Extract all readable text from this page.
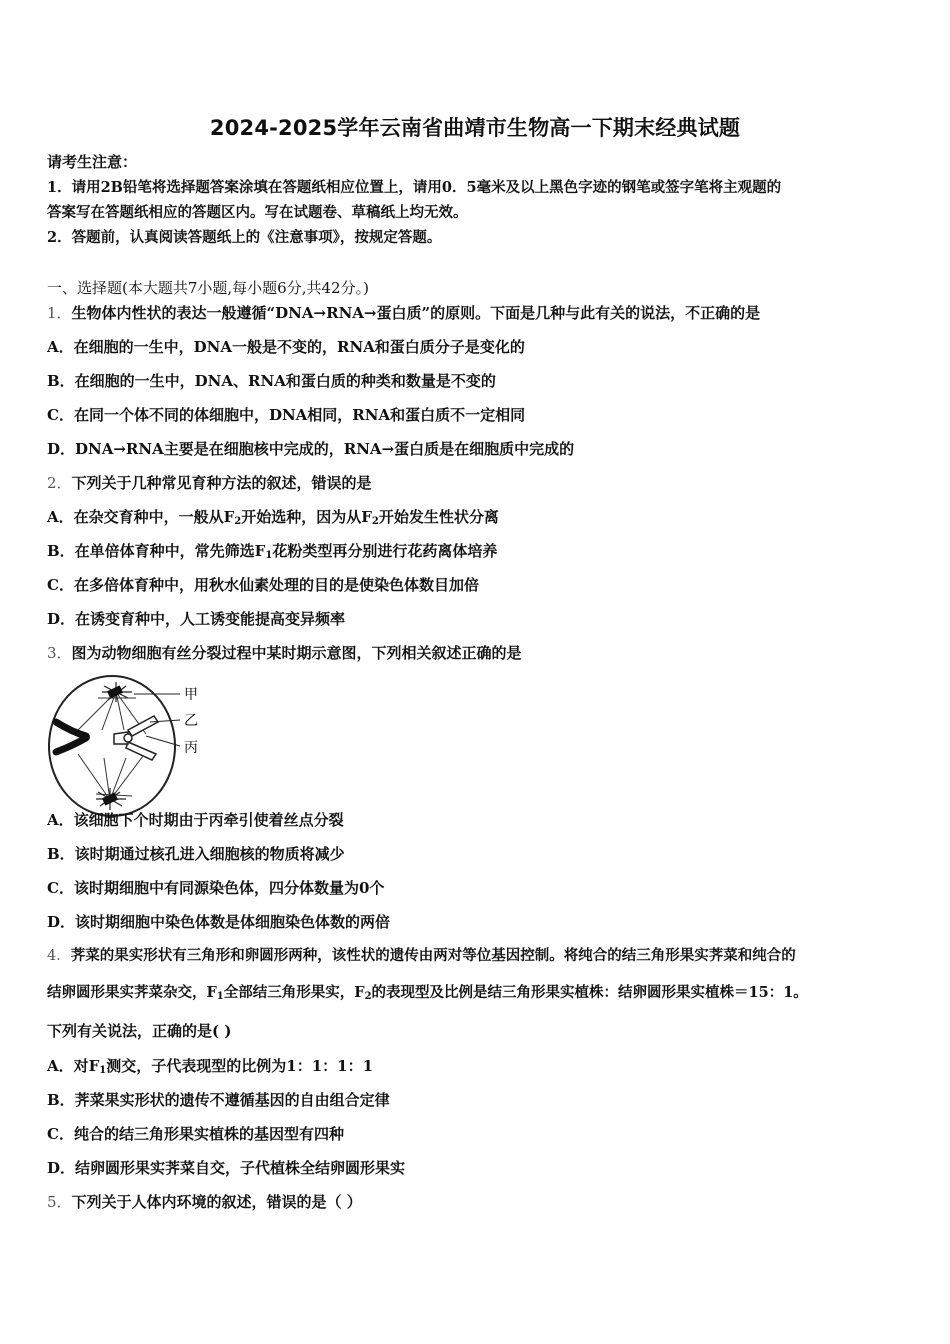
2024-2025学年云南省曲靖市生物高一下期末经典试题
请考生注意：
1．请用2B铅笔将选择题答案涂填在答题纸相应位置上，请用0．5毫米及以上黑色字迹的钢笔或签字笔将主观题的
答案写在答题纸相应的答题区内。写在试题卷、草稿纸上均无效。
2．答题前，认真阅读答题纸上的《注意事项》，按规定答题。
一、选择题(本大题共7小题,每小题6分,共42分。)
1．生物体内性状的表达一般遵循“DNA→RNA→蛋白质”的原则。下面是几种与此有关的说法，不正确的是
A．在细胞的一生中，DNA一般是不变的，RNA和蛋白质分子是变化的
B．在细胞的一生中，DNA、RNA和蛋白质的种类和数量是不变的
C．在同一个体不同的体细胞中，DNA相同，RNA和蛋白质不一定相同
D．DNA→RNA主要是在细胞核中完成的，RNA→蛋白质是在细胞质中完成的
2．下列关于几种常见育种方法的叙述，错误的是
A．在杂交育种中，一般从$F_2$开始选种，因为从$F_2$开始发生性状分离
B．在单倍体育种中，常先筛选$F_1$花粉类型再分别进行花药离体培养
C．在多倍体育种中，用秋水仙素处理的目的是使染色体数目加倍
D．在诱变育种中，人工诱变能提高变异频率
3．图为动物细胞有丝分裂过程中某时期示意图，下列相关叙述正确的是
甲
乙
丙
A．该细胞下个时期由于丙牵引使着丝点分裂
B．该时期通过核孔进入细胞核的物质将减少
C．该时期细胞中有同源染色体，四分体数量为0个
D．该时期细胞中染色体数是体细胞染色体数的两倍
4．荠菜的果实形状有三角形和卵圆形两种，该性状的遗传由两对等位基因控制。将纯合的结三角形果实荠菜和纯合的
结卵圆形果实荠菜杂交，$F_1$全部结三角形果实，$F_2$的表现型及比例是结三角形果实植株：结卵圆形果实植株＝15：1。
下列有关说法，正确的是( )
A．对$F_1$测交，子代表现型的比例为1：1：1：1
B．荠菜果实形状的遗传不遵循基因的自由组合定律
C．纯合的结三角形果实植株的基因型有四种
D．结卵圆形果实荠菜自交，子代植株全结卵圆形果实
5．下列关于人体内环境的叙述，错误的是（ ）
